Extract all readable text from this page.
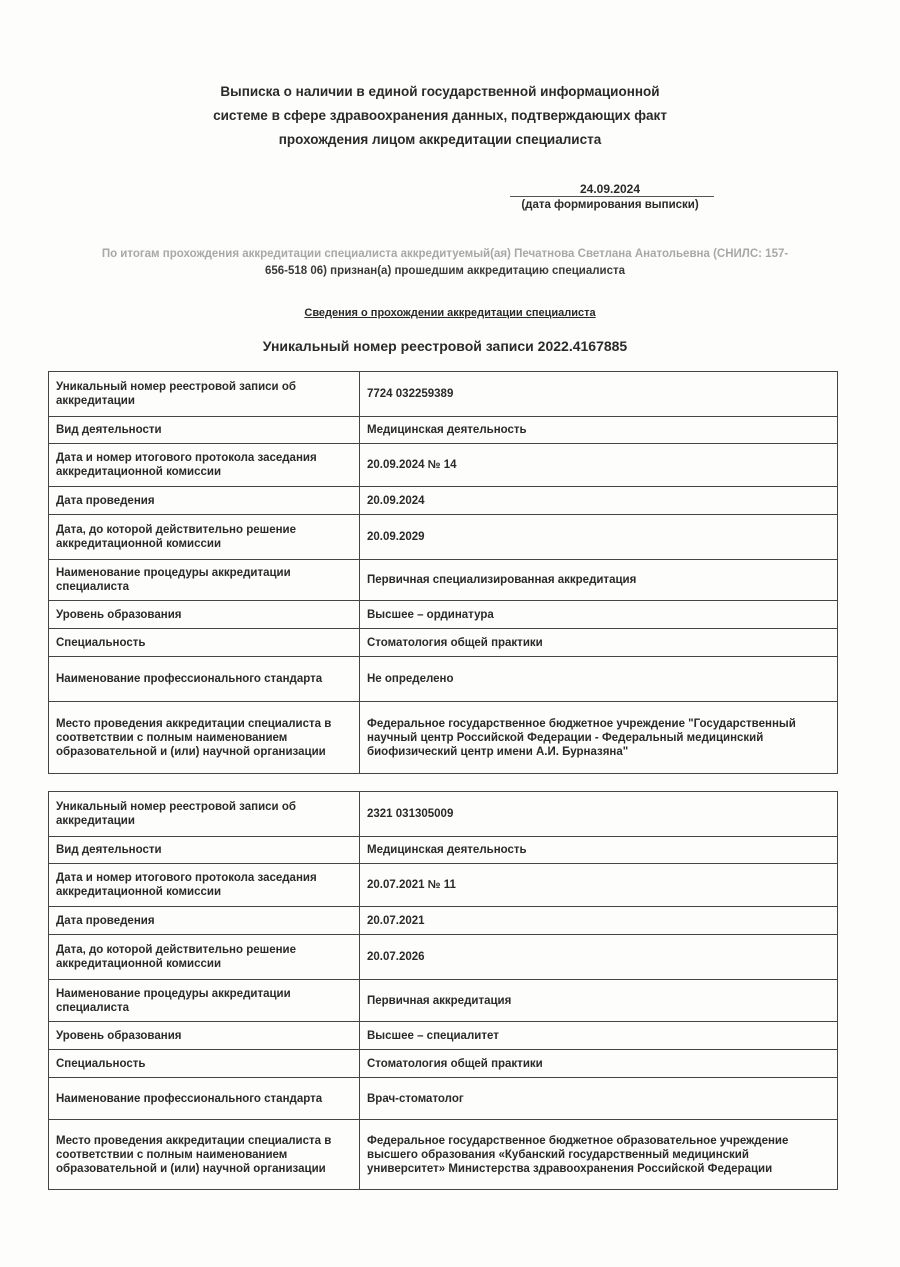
Выписка о наличии в единой государственной информационной
системе в сфере здравоохранения данных, подтверждающих факт
прохождения лицом аккредитации специалиста
24.09.2024
(дата формирования выписки)
По итогам прохождения аккредитации специалиста аккредитуемый(ая) Печатнова Светлана Анатольевна (СНИЛС: 157-
656-518 06) признан(а) прошедшим аккредитацию специалиста
Сведения о прохождении аккредитации специалиста
Уникальный номер реестровой записи 2022.4167885
Уникальный номер реестровой записи об аккредитации	7724 032259389
Вид деятельности	Медицинская деятельность
Дата и номер итогового протокола заседания аккредитационной комиссии	20.09.2024 № 14
Дата проведения	20.09.2024
Дата, до которой действительно решение аккредитационной комиссии	20.09.2029
Наименование процедуры аккредитации специалиста	Первичная специализированная аккредитация
Уровень образования	Высшее – ординатура
Специальность	Стоматология общей практики
Наименование профессионального стандарта	Не определено
Место проведения аккредитации специалиста в соответствии с полным наименованием образовательной и (или) научной организации	Федеральное государственное бюджетное учреждение "Государственный научный центр Российской Федерации - Федеральный медицинский биофизический центр имени А.И. Бурназяна"
Уникальный номер реестровой записи об аккредитации	2321 031305009
Вид деятельности	Медицинская деятельность
Дата и номер итогового протокола заседания аккредитационной комиссии	20.07.2021 № 11
Дата проведения	20.07.2021
Дата, до которой действительно решение аккредитационной комиссии	20.07.2026
Наименование процедуры аккредитации специалиста	Первичная аккредитация
Уровень образования	Высшее – специалитет
Специальность	Стоматология общей практики
Наименование профессионального стандарта	Врач-стоматолог
Место проведения аккредитации специалиста в соответствии с полным наименованием образовательной и (или) научной организации	Федеральное государственное бюджетное образовательное учреждение высшего образования «Кубанский государственный медицинский университет» Министерства здравоохранения Российской Федерации
